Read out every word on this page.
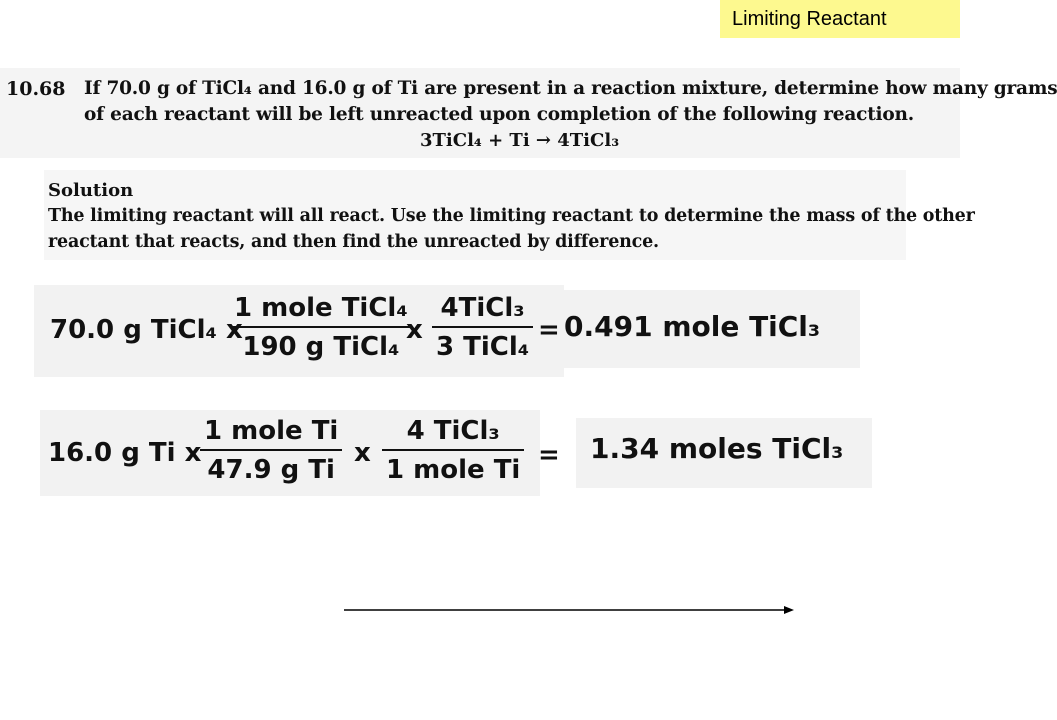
Limiting Reactant
10.68 If 70.0 g of TiCl₄ and 16.0 g of Ti are present in a reaction mixture, determine how many grams
of each reactant will be left unreacted upon completion of the following reaction.
3TiCl₄ + Ti → 4TiCl₃
Solution
The limiting reactant will all react. Use the limiting reactant to determine the mass of the other
reactant that reacts, and then find the unreacted by difference.
70.0 g TiCl₄ x
1 mole TiCl₄
190 g TiCl₄
x
4TiCl₃
3 TiCl₄
= 0.491 mole TiCl₃
16.0 g Ti x
1 mole Ti
47.9 g Ti
x
4 TiCl₃
1 mole Ti = 1.34 moles TiCl₃
